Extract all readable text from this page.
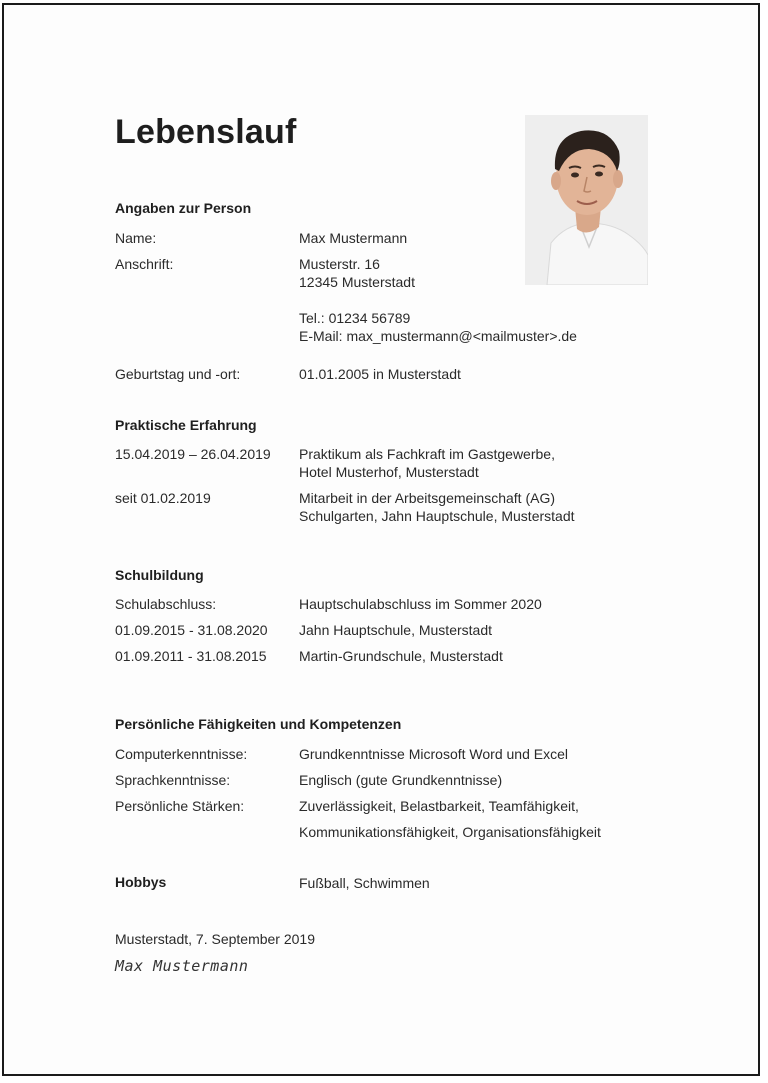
Lebenslauf
Angaben zur Person
Name:	Max Mustermann
Anschrift:	Musterstr. 16
12345 Musterstadt
Tel.: 01234 56789
E-Mail: max_mustermann@<mailmuster>.de
Geburtstag und -ort:	01.01.2005 in Musterstadt
Praktische Erfahrung
15.04.2019 – 26.04.2019 Praktikum als Fachkraft im Gastgewerbe,
Hotel Musterhof, Musterstadt
seit 01.02.2019	Mitarbeit in der Arbeitsgemeinschaft (AG)
Schulgarten, Jahn Hauptschule, Musterstadt
Schulbildung
Schulabschluss:	Hauptschulabschluss im Sommer 2020
01.09.2015 - 31.08.2020 Jahn Hauptschule, Musterstadt
01.09.2011 - 31.08.2015 Martin-Grundschule, Musterstadt
Persönliche Fähigkeiten und Kompetenzen
Computerkenntnisse:	Grundkenntnisse Microsoft Word und Excel
Sprachkenntnisse:	Englisch (gute Grundkenntnisse)
Persönliche Stärken:	Zuverlässigkeit, Belastbarkeit, Teamfähigkeit,
Kommunikationsfähigkeit, Organisationsfähigkeit
Hobbys	Fußball, Schwimmen
Musterstadt, 7. September 2019
Max Mustermann
